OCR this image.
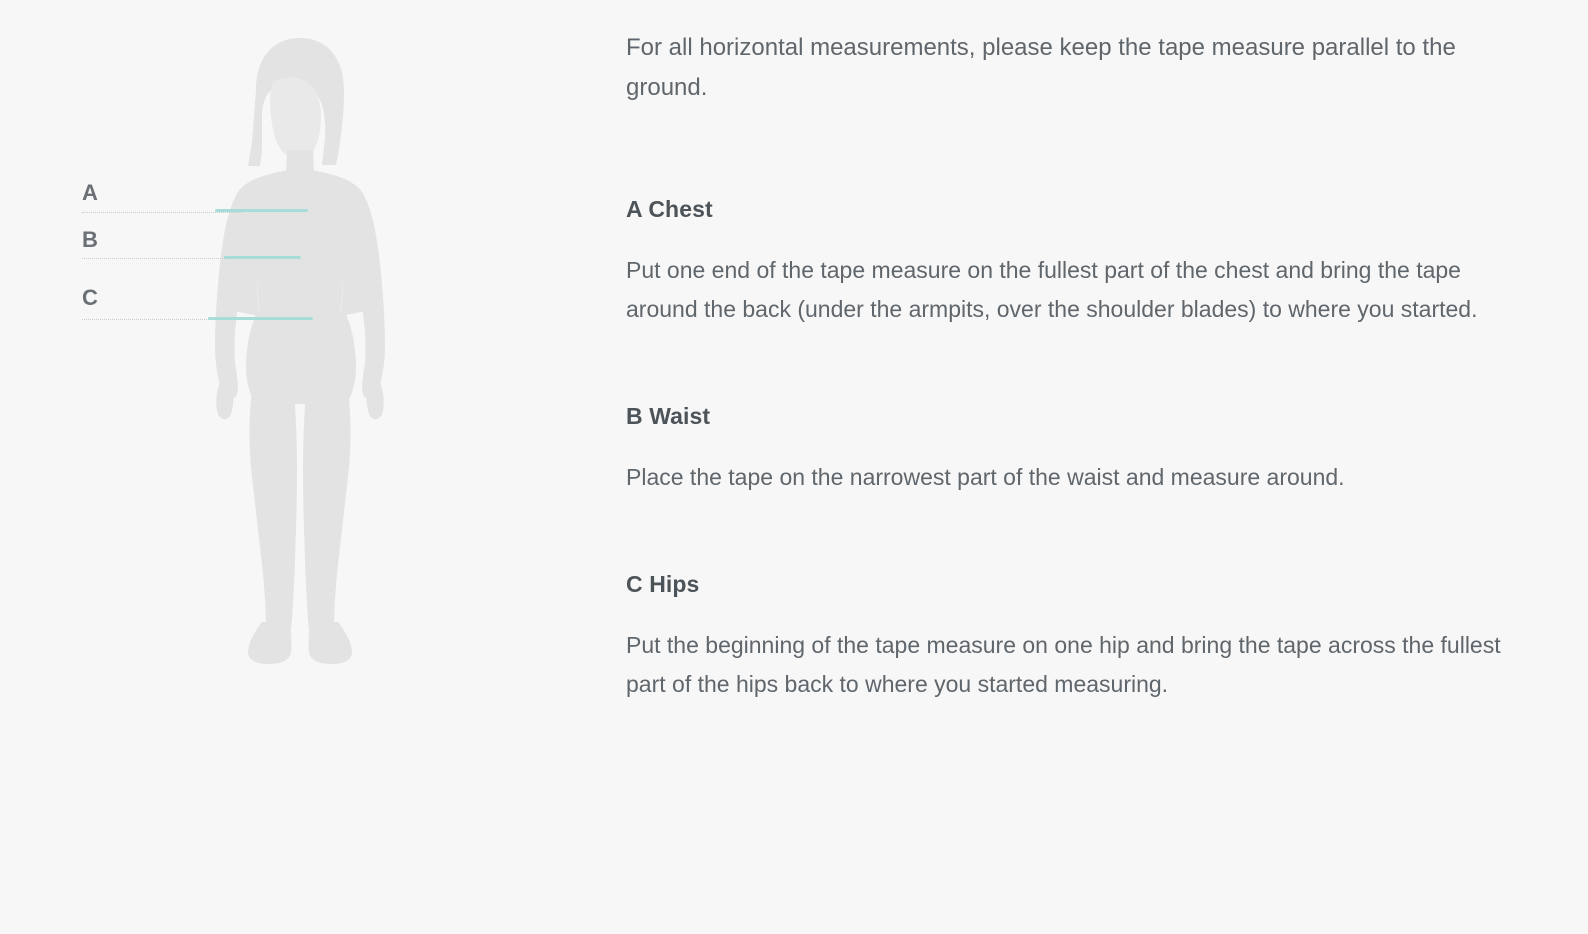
A
B
C

For all horizontal measurements, please keep the tape measure parallel to the ground.

A Chest

Put one end of the tape measure on the fullest part of the chest and bring the tape around the back (under the armpits, over the shoulder blades) to where you started.

B Waist

Place the tape on the narrowest part of the waist and measure around.

C Hips

Put the beginning of the tape measure on one hip and bring the tape across the fullest part of the hips back to where you started measuring.
